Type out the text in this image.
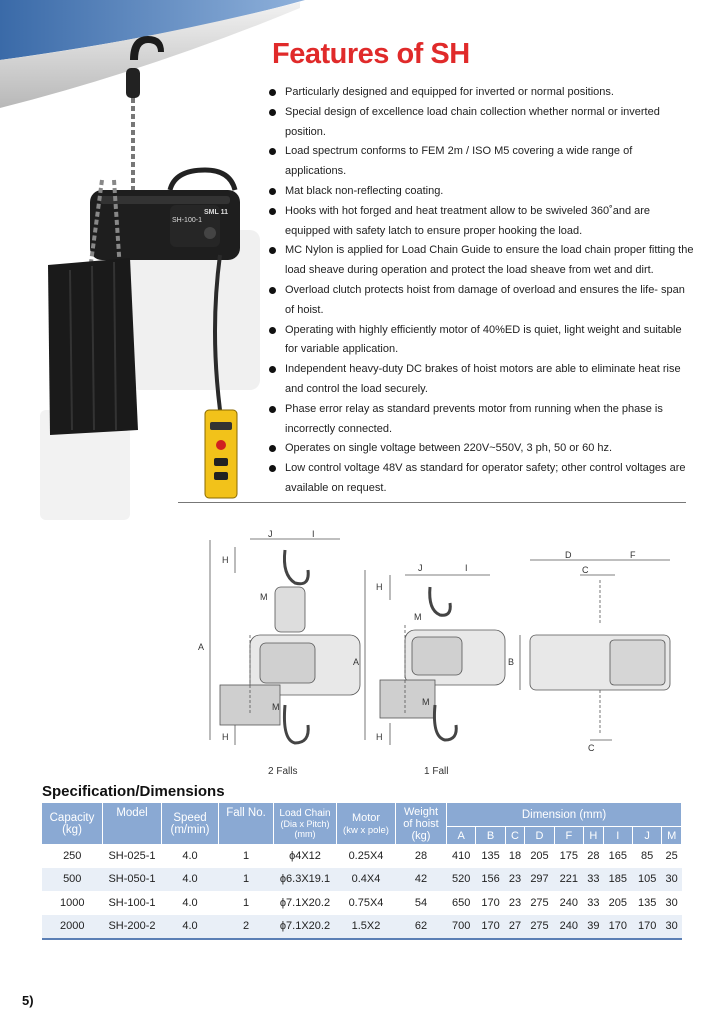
Features of SH
SH-100-1
SML 11
Particularly designed and equipped for inverted or normal positions.
Special design of excellence load chain collection whether normal or inverted position.
Load spectrum conforms to FEM 2m / ISO M5 covering a wide range of applications.
Mat black non-reflecting coating.
Hooks with hot forged and heat treatment allow to be swiveled 360˚and are equipped with safety latch to ensure proper hooking the load.
MC Nylon is applied for Load Chain Guide to ensure the load chain proper fitting the load sheave during operation and protect the load sheave from wet and dirt.
Overload clutch protects hoist from damage of overload and ensures the life- span of hoist.
Operating with highly efficiently motor of 40%ED is quiet, light weight and suitable for variable application.
Independent heavy-duty DC brakes of hoist motors are able to eliminate heat rise and control the load securely.
Phase error relay as standard prevents motor from running when the phase is incorrectly connected.
Operates on single voltage between 220V~550V, 3 ph, 50 or 60 hz.
Low control voltage 48V as standard for operator safety; other control voltages are available on request.
J	I
H
M
A
M
H
J	I
H
M
A
M
H
D	F
C
B
C
2 Falls	1 Fall
Specification/Dimensions
Capacity
(kg)	Model	Speed
(m/min)	Fall No.	Load Chain
(Dia x Pitch)
(mm)	Motor
(kw x pole)	Weight
of hoist
(kg)	Dimension (mm)								
							A	B	C	D	F	H	I	J	M
250	SH-025-1	4.0	1	ϕ4X12	0.25X4	28	410	135	18	205	175	28	165	85	25
500	SH-050-1	4.0	1	ϕ6.3X19.1	0.4X4	42	520	156	23	297	221	33	185	105	30
1000	SH-100-1	4.0	1	ϕ7.1X20.2	0.75X4	54	650	170	23	275	240	33	205	135	30
2000	SH-200-2	4.0	2	ϕ7.1X20.2	1.5X2	62	700	170	27	275	240	39	170	170	30
5)
